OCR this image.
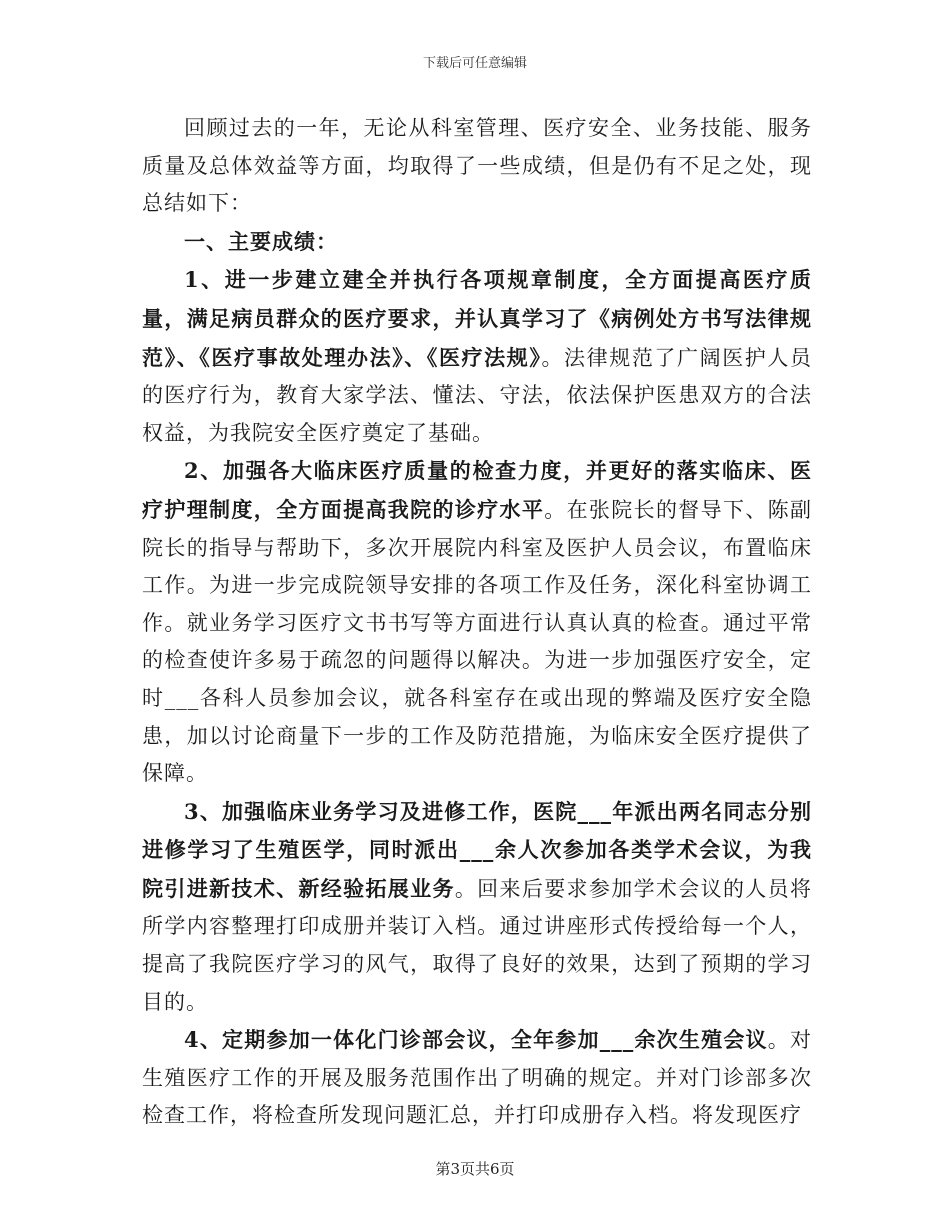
下载后可任意编辑

回顾过去的一年，无论从科室管理、医疗安全、业务技能、服务质量及总体效益等方面，均取得了一些成绩，但是仍有不足之处，现总结如下：

一、主要成绩：

1、进一步建立建全并执行各项规章制度，全方面提高医疗质量，满足病员群众的医疗要求，并认真学习了《病例处方书写法律规范》、《医疗事故处理办法》、《医疗法规》。法律规范了广阔医护人员的医疗行为，教育大家学法、懂法、守法，依法保护医患双方的合法权益，为我院安全医疗奠定了基础。

2、加强各大临床医疗质量的检查力度，并更好的落实临床、医疗护理制度，全方面提高我院的诊疗水平。在张院长的督导下、陈副院长的指导与帮助下，多次开展院内科室及医护人员会议，布置临床工作。为进一步完成院领导安排的各项工作及任务，深化科室协调工作。就业务学习医疗文书书写等方面进行认真认真的检查。通过平常的检查使许多易于疏忽的问题得以解决。为进一步加强医疗安全，定时___各科人员参加会议，就各科室存在或出现的弊端及医疗安全隐患，加以讨论商量下一步的工作及防范措施，为临床安全医疗提供了保障。

3、加强临床业务学习及进修工作，医院___年派出两名同志分别进修学习了生殖医学，同时派出___余人次参加各类学术会议，为我院引进新技术、新经验拓展业务。回来后要求参加学术会议的人员将所学内容整理打印成册并装订入档。通过讲座形式传授给每一个人，提高了我院医疗学习的风气，取得了良好的效果，达到了预期的学习目的。

4、定期参加一体化门诊部会议，全年参加___余次生殖会议。对生殖医疗工作的开展及服务范围作出了明确的规定。并对门诊部多次检查工作，将检查所发现问题汇总，并打印成册存入档。将发现医疗

第3页共6页
